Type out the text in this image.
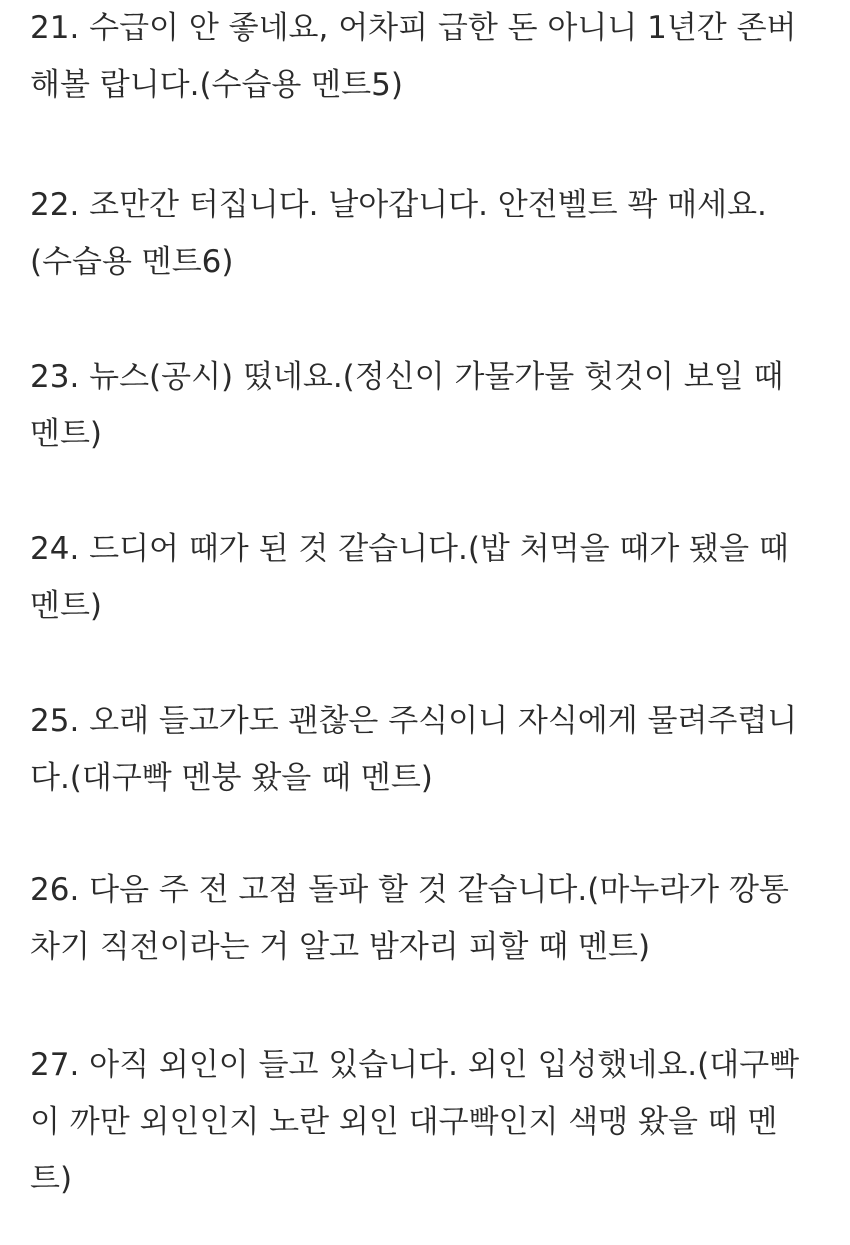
21. 수급이 안 좋네요, 어차피 급한 돈 아니니 1년간 존버
해볼 랍니다.(수습용 멘트5)

22. 조만간 터집니다. 날아갑니다. 안전벨트 꽉 매세요.
(수습용 멘트6)

23. 뉴스(공시) 떴네요.(정신이 가물가물 헛것이 보일 때
멘트)

24. 드디어 때가 된 것 같습니다.(밥 처먹을 때가 됐을 때
멘트)

25. 오래 들고가도 괜찮은 주식이니 자식에게 물려주렵니
다.(대구빡 멘붕 왔을 때 멘트)

26. 다음 주 전 고점 돌파 할 것 같습니다.(마누라가 깡통
차기 직전이라는 거 알고 밤자리 피할 때 멘트)

27. 아직 외인이 들고 있습니다. 외인 입성했네요.(대구빡
이 까만 외인인지 노란 외인 대구빡인지 색맹 왔을 때 멘
트)
